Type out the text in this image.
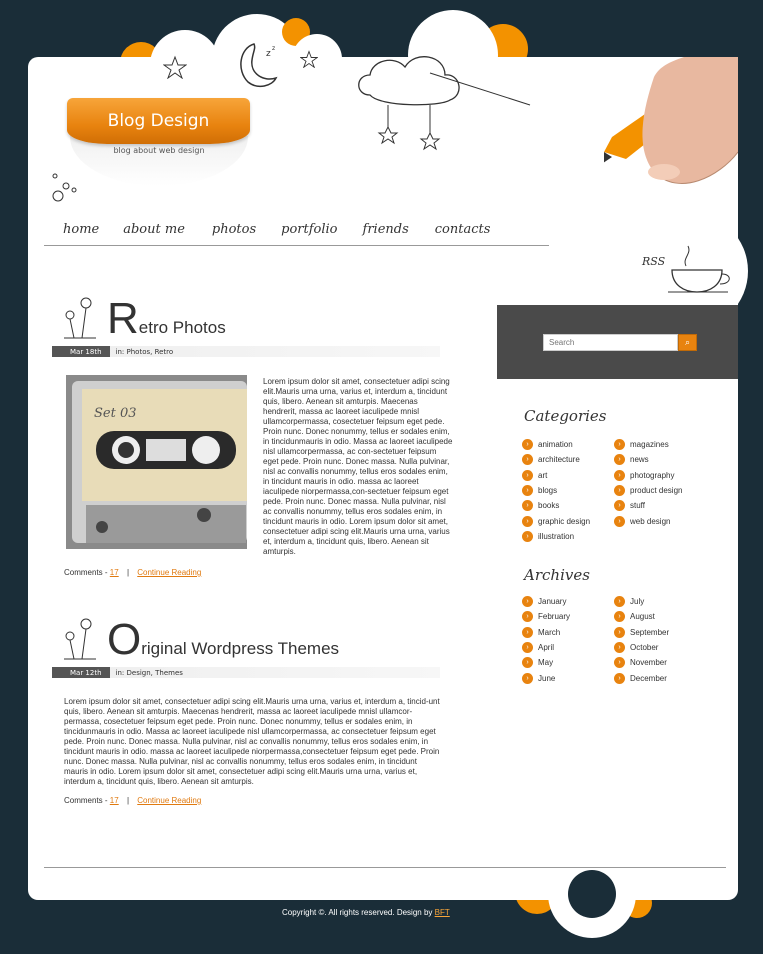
z
z
Blog Design
blog about web design
home about me photos portfolio friends contacts
RSS
Retro Photos
Mar 18th	in: Photos, Retro
Set 03
Lorem ipsum dolor sit amet, consectetuer adipi scing elit.Mauris urna urna, varius et, interdum a, tincidunt quis, libero. Aenean sit amturpis. Maecenas hendrerit, massa ac laoreet iaculipede mnisl ullamcorpermassa, cosectetuer feipsum eget pede. Proin nunc. Donec nonummy, tellus er sodales enim, in tincidunmauris in odio. Massa ac laoreet iaculipede nisl ullamcorpermassa, ac con-sectetuer feipsum eget pede. Proin nunc. Donec massa. Nulla pulvinar, nisl ac convallis nonummy, tellus eros sodales enim, in tincidunt mauris in odio. massa ac laoreet iaculipede niorpermassa,con-sectetuer feipsum eget pede. Proin nunc. Donec massa. Nulla pulvinar, nisl ac convallis nonummy, tellus eros sodales enim, in tincidunt mauris in odio. Lorem ipsum dolor sit amet, consectetuer adipi scing elit.Mauris urna urna, varius et, interdum a, tincidunt quis, libero. Aenean sit amturpis.
Comments - 17 | Continue Reading
Original Wordpress Themes
Mar 12th	in: Design, Themes
Lorem ipsum dolor sit amet, consectetuer adipi scing elit.Mauris urna urna, varius et, interdum a, tincid-unt quis, libero. Aenean sit amturpis. Maecenas hendrerit, massa ac laoreet iaculipede mnisl ullamcor-permassa, cosectetuer feipsum eget pede. Proin nunc. Donec nonummy, tellus er sodales enim, in tincidunmauris in odio. Massa ac laoreet iaculipede nisl ullamcorpermassa, ac consectetuer feipsum eget pede. Proin nunc. Donec massa. Nulla pulvinar, nisl ac convallis nonummy, tellus eros sodales enim, in tincidunt mauris in odio. massa ac laoreet iaculipede niorpermassa,consectetuer feipsum eget pede. Proin nunc. Donec massa. Nulla pulvinar, nisl ac convallis nonummy, tellus eros sodales enim, in tincidunt mauris in odio. Lorem ipsum dolor sit amet, consectetuer adipi scing elit.Mauris urna urna, varius et, interdum a, tincidunt quis, libero. Aenean sit amturpis.
Comments - 17 | Continue Reading
Search
⌕
Categories
›	animation
›	architecture
›	art
›	blogs
›	books
›	graphic design
›	illustration
›	magazines
›	news
›	photography
›	product design
›	stuff
›	web design
Archives
›	January
›	February
›	March
›	April
›	May
›	June
›	July
›	August
›	September
›	October
›	November
›	December
Copyright ©. All rights reserved. Design by BFT
